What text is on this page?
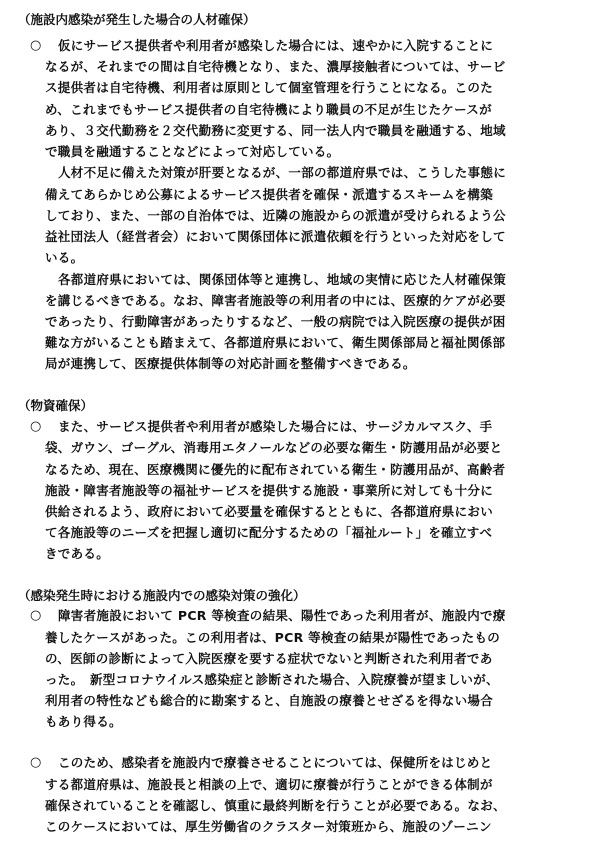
（施設内感染が発生した場合の人材確保）
○ 仮にサービス提供者や利用者が感染した場合には、速やかに入院することに
なるが、それまでの間は自宅待機となり、また、濃厚接触者については、サービ
ス提供者は自宅待機、利用者は原則として個室管理を行うことになる。このた
め、これまでもサービス提供者の自宅待機により職員の不足が生じたケースが
あり、３交代勤務を２交代勤務に変更する、同一法人内で職員を融通する、地域
で職員を融通することなどによって対応している。
人材不足に備えた対策が肝要となるが、一部の都道府県では、こうした事態に
備えてあらかじめ公募によるサービス提供者を確保・派遣するスキームを構築
しており、また、一部の自治体では、近隣の施設からの派遣が受けられるよう公
益社団法人（経営者会）において関係団体に派遣依頼を行うといった対応をして
いる。
各都道府県においては、関係団体等と連携し、地域の実情に応じた人材確保策
を講じるべきである。なお、障害者施設等の利用者の中には、医療的ケアが必要
であったり、行動障害があったりするなど、一般の病院では入院医療の提供が困
難な方がいることも踏まえて、各都道府県において、衛生関係部局と福祉関係部
局が連携して、医療提供体制等の対応計画を整備すべきである。
（物資確保）
○ また、サービス提供者や利用者が感染した場合には、サージカルマスク、手
袋、ガウン、ゴーグル、消毒用エタノールなどの必要な衛生・防護用品が必要と
なるため、現在、医療機関に優先的に配布されている衛生・防護用品が、高齢者
施設・障害者施設等の福祉サービスを提供する施設・事業所に対しても十分に
供給されるよう、政府において必要量を確保するとともに、各都道府県におい
て各施設等のニーズを把握し適切に配分するための「福祉ルート」を確立すべ
きである。
（感染発生時における施設内での感染対策の強化）
○ 障害者施設において PCR 等検査の結果、陽性であった利用者が、施設内で療
養したケースがあった。この利用者は、PCR 等検査の結果が陽性であったもの
の、医師の診断によって入院医療を要する症状でないと判断された利用者であ
った。　新型コロナウイルス感染症と診断された場合、入院療養が望ましいが、
利用者の特性なども総合的に勘案すると、自施設の療養とせざるを得ない場合
もあり得る。
○ このため、感染者を施設内で療養させることについては、保健所をはじめと
する都道府県は、施設長と相談の上で、適切に療養が行うことができる体制が
確保されていることを確認し、慎重に最終判断を行うことが必要である。なお、
このケースにおいては、厚生労働省のクラスター対策班から、施設のゾーニン
